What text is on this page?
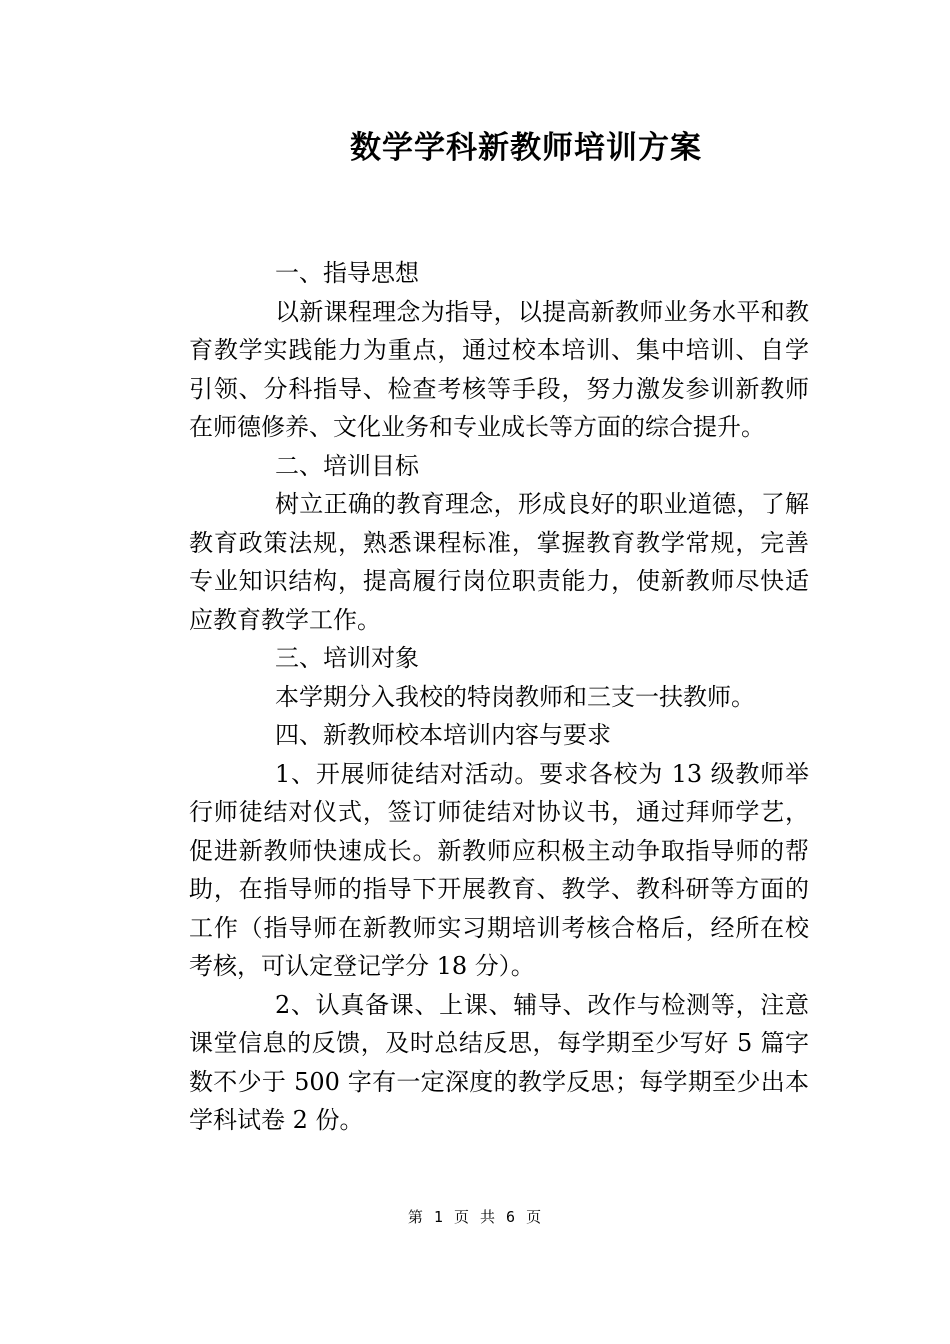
数学学科新教师培训方案

一、指导思想

以新课程理念为指导，以提高新教师业务水平和教育教学实践能力为重点，通过校本培训、集中培训、自学引领、分科指导、检查考核等手段，努力激发参训新教师在师德修养、文化业务和专业成长等方面的综合提升。

二、培训目标

树立正确的教育理念，形成良好的职业道德，了解教育政策法规，熟悉课程标准，掌握教育教学常规，完善专业知识结构，提高履行岗位职责能力，使新教师尽快适应教育教学工作。

三、培训对象

本学期分入我校的特岗教师和三支一扶教师。

四、新教师校本培训内容与要求

1、开展师徒结对活动。要求各校为 13 级教师举行师徒结对仪式，签订师徒结对协议书，通过拜师学艺，促进新教师快速成长。新教师应积极主动争取指导师的帮助，在指导师的指导下开展教育、教学、教科研等方面的工作（指导师在新教师实习期培训考核合格后，经所在校考核，可认定登记学分 18 分）。

2、认真备课、上课、辅导、改作与检测等，注意课堂信息的反馈，及时总结反思，每学期至少写好 5 篇字数不少于 500 字有一定深度的教学反思；每学期至少出本学科试卷 2 份。

第 1 页 共 6 页
